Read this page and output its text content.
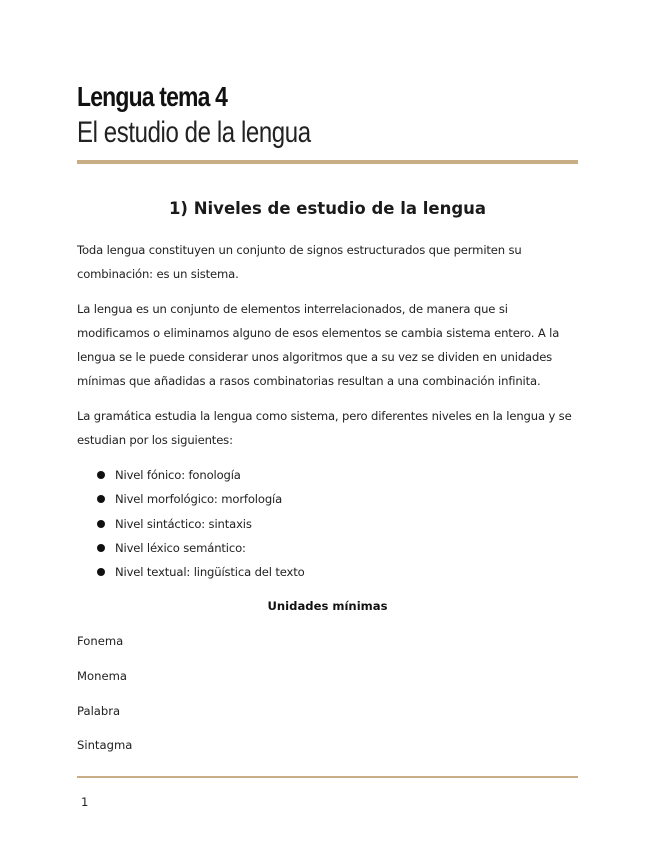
Lengua tema 4
El estudio de la lengua
1) Niveles de estudio de la lengua

Toda lengua constituyen un conjunto de signos estructurados que permiten su combinación: es un sistema.

La lengua es un conjunto de elementos interrelacionados, de manera que si modificamos o eliminamos alguno de esos elementos se cambia sistema entero. A la lengua se le puede considerar unos algoritmos que a su vez se dividen en unidades mínimas que añadidas a rasos combinatorias resultan a una combinación infinita.

La gramática estudia la lengua como sistema, pero diferentes niveles en la lengua y se estudian por los siguientes:

Nivel fónico: fonología
Nivel morfológico: morfología
Nivel sintáctico: sintaxis
Nivel léxico semántico:
Nivel textual: lingüística del texto

Unidades mínimas

Fonema

Monema

Palabra

Sintagma

1
